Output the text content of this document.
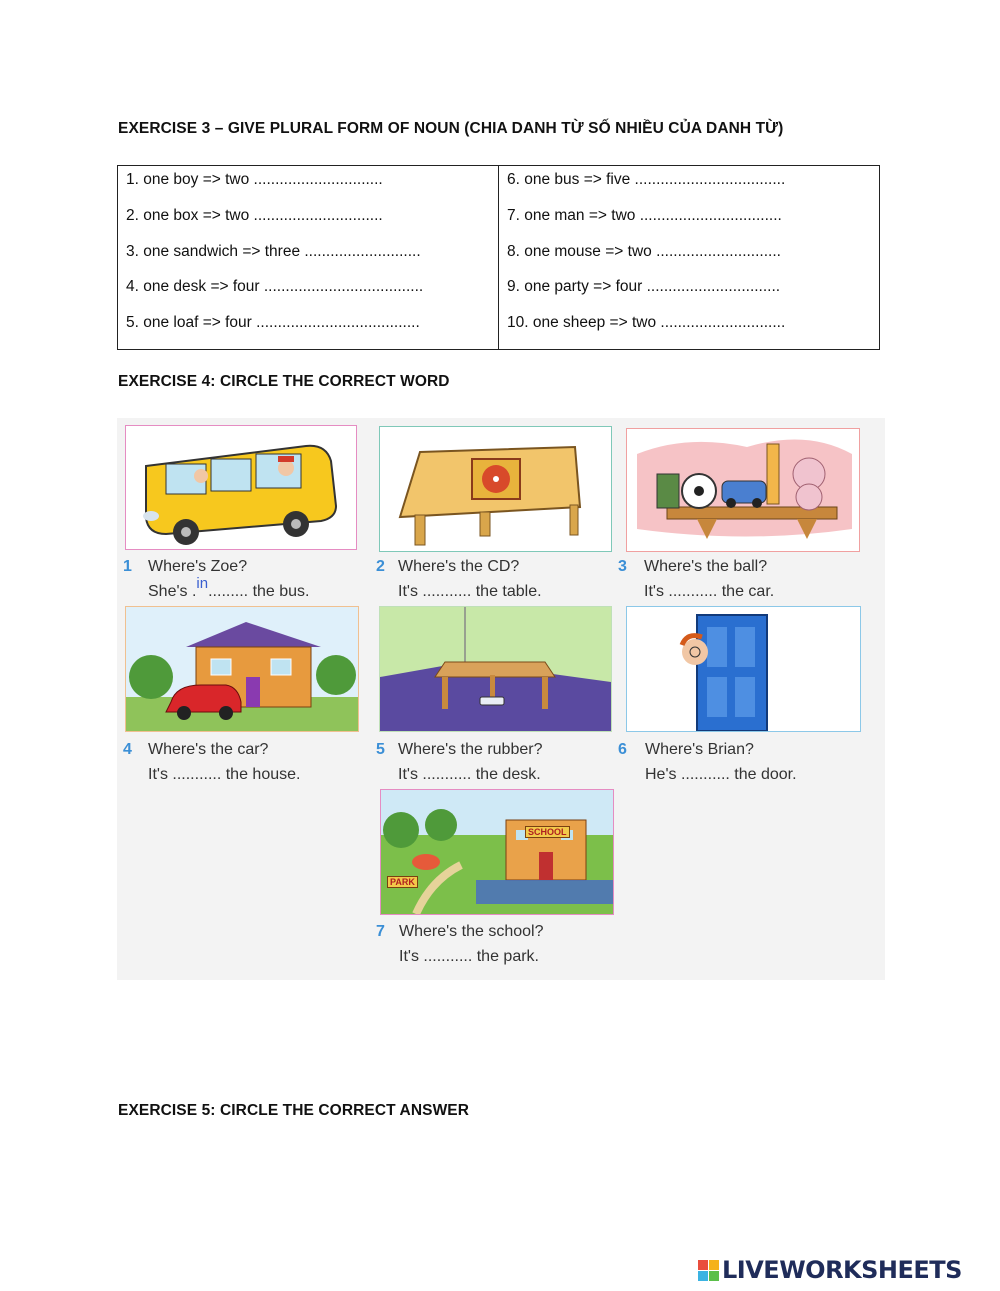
EXERCISE 3 – GIVE PLURAL FORM OF NOUN (CHIA DANH TỪ SỐ NHIỀU CỦA DANH TỪ)
1. one boy => two ..............................
2. one box => two ..............................
3. one sandwich => three ...........................
4. one desk => four .....................................
5. one loaf => four ......................................

6. one bus => five ...................................
7. one man => two .................................
8. one mouse => two .............................
9. one party => four ...............................
10. one sheep => two .............................
EXERCISE 4: CIRCLE THE CORRECT WORD
1 Where's Zoe?
She's .in......... the bus.
2 Where's the CD?
It's ........... the table.
3 Where's the ball?
It's ........... the car.
4 Where's the car?
It's ........... the house.
5 Where's the rubber?
It's ........... the desk.
6 Where's Brian?
He's ........... the door.
SCHOOL
PARK
7 Where's the school?
It's ........... the park.
EXERCISE 5: CIRCLE THE CORRECT ANSWER
LIVEWORKSHEETS
